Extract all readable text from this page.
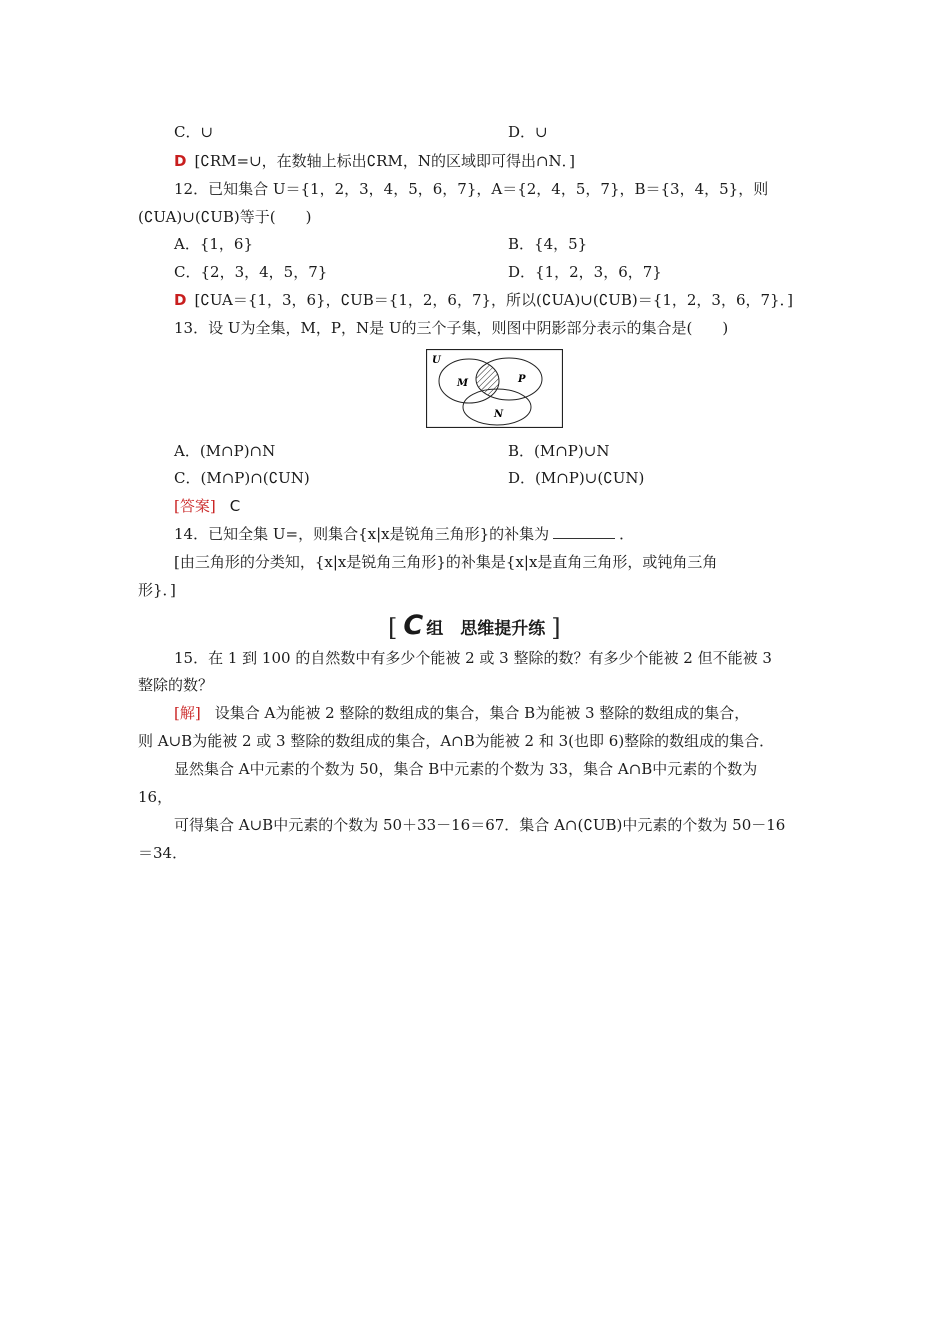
C．∪	D．∪
D [∁RM=∪，在数轴上标出∁RM，N的区域即可得出∩N．]
12．已知集合 U＝{1，2，3，4，5，6，7}，A＝{2，4，5，7}，B＝{3，4，5}，则
(∁UA)∪(∁UB)等于(　　)
A．{1，6}	B．{4，5}
C．{2，3，4，5，7}	D．{1，2，3，6，7}
D [∁UA＝{1，3，6}，∁UB＝{1，2，6，7}，所以(∁UA)∪(∁UB)＝{1，2，3，6，7}．]
13．设 U为全集，M，P，N是 U的三个子集，则图中阴影部分表示的集合是(　　)
U
M	P
N
A．(M∩P)∩N	B．(M∩P)∪N
C．(M∩P)∩(∁UN)	D．(M∩P)∪(∁UN)
[答案] C
14．已知全集 U=，则集合{x|x是锐角三角形}的补集为	．
[由三角形的分类知，{x|x是锐角三角形}的补集是{x|x是直角三角形，或钝角三角
形}．]
[ C 组　思维提升练 ]
15．在 1 到 100 的自然数中有多少个能被 2 或 3 整除的数？有多少个能被 2 但不能被 3
整除的数？
[解] 设集合 A为能被 2 整除的数组成的集合，集合 B为能被 3 整除的数组成的集合，
则 A∪B为能被 2 或 3 整除的数组成的集合，A∩B为能被 2 和 3(也即 6)整除的数组成的集合．
显然集合 A中元素的个数为 50，集合 B中元素的个数为 33，集合 A∩B中元素的个数为
16，
可得集合 A∪B中元素的个数为 50＋33－16＝67．集合 A∩(∁UB)中元素的个数为 50－16
＝34．
